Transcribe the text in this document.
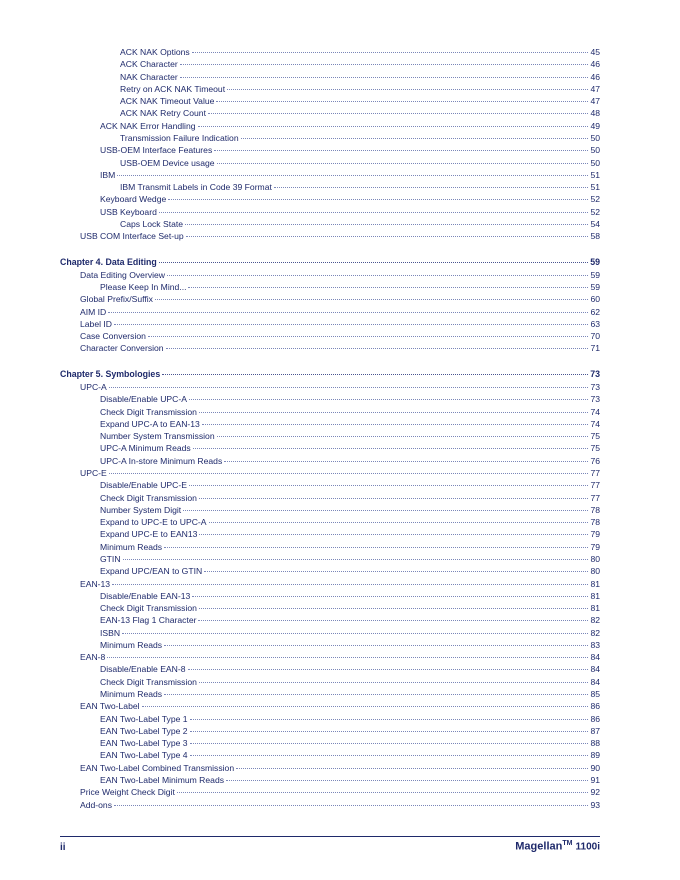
ACK NAK Options	45
ACK Character	46
NAK Character	46
Retry on ACK NAK Timeout	47
ACK NAK Timeout Value	47
ACK NAK Retry Count	48
ACK NAK Error Handling	49
Transmission Failure Indication	50
USB-OEM Interface Features	50
USB-OEM Device usage	50
IBM	51
IBM Transmit Labels in Code 39 Format	51
Keyboard Wedge	52
USB Keyboard	52
Caps Lock State	54
USB COM Interface Set-up	58
Chapter 4. Data Editing	59
Data Editing Overview	59
Please Keep In Mind...	59
Global Prefix/Suffix	60
AIM ID	62
Label ID	63
Case Conversion	70
Character Conversion	71
Chapter 5. Symbologies	73
UPC-A	73
Disable/Enable UPC-A	73
Check Digit Transmission	74
Expand UPC-A to EAN-13	74
Number System Transmission	75
UPC-A Minimum Reads	75
UPC-A In-store Minimum Reads	76
UPC-E	77
Disable/Enable UPC-E	77
Check Digit Transmission	77
Number System Digit	78
Expand to UPC-E to UPC-A	78
Expand UPC-E to EAN13	79
Minimum Reads	79
GTIN	80
Expand UPC/EAN to GTIN	80
EAN-13	81
Disable/Enable EAN-13	81
Check Digit Transmission	81
EAN-13 Flag 1 Character	82
ISBN	82
Minimum Reads	83
EAN-8	84
Disable/Enable EAN-8	84
Check Digit Transmission	84
Minimum Reads	85
EAN Two-Label	86
EAN Two-Label Type 1	86
EAN Two-Label Type 2	87
EAN Two-Label Type 3	88
EAN Two-Label Type 4	89
EAN Two-Label Combined Transmission	90
EAN Two-Label Minimum Reads	91
Price Weight Check Digit	92
Add-ons	93
ii	Magellan™ 1100i
